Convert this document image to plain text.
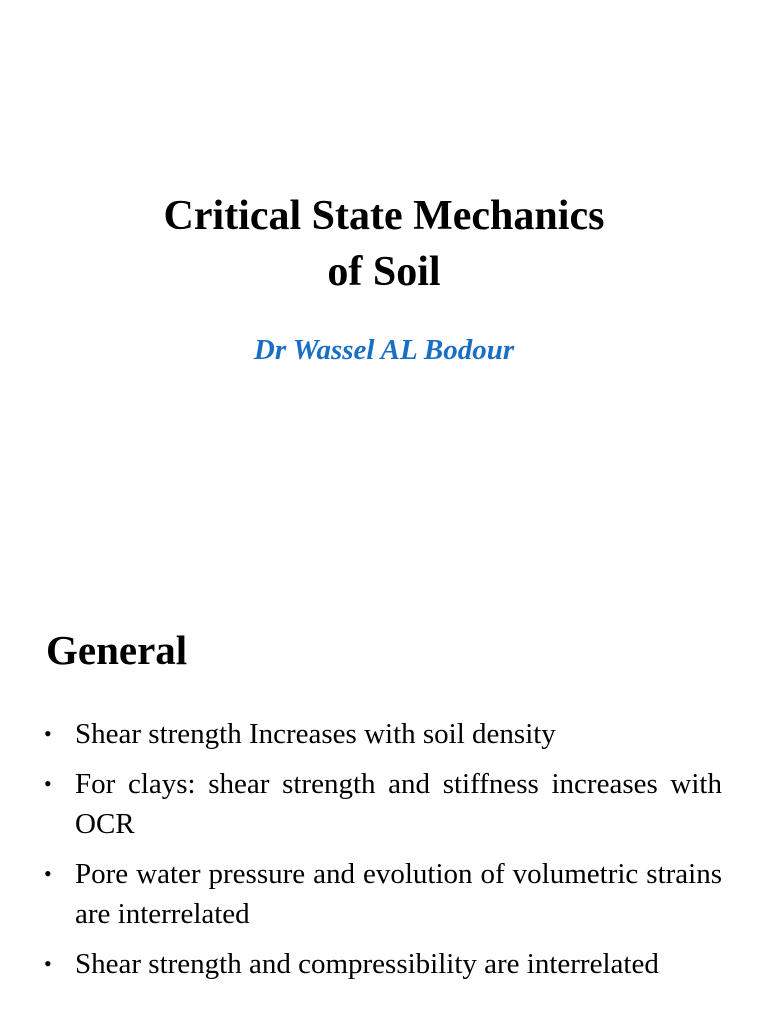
Critical State Mechanics
of Soil

Dr Wassel AL Bodour

General
• Shear strength Increases with soil density
• For clays: shear strength and stiffness increases with OCR
• Pore water pressure and evolution of volumetric strains are interrelated
• Shear strength and compressibility are interrelated
